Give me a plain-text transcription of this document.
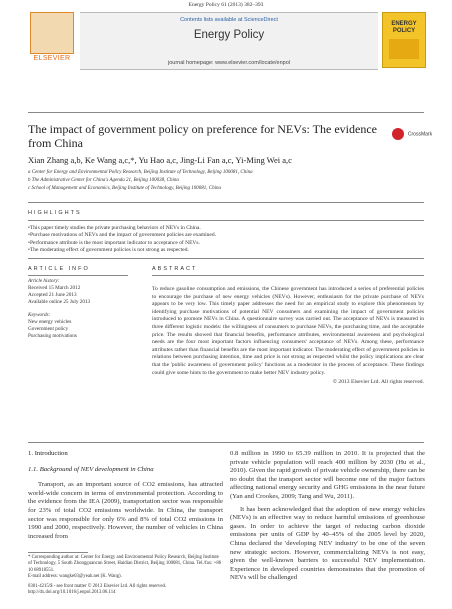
Energy Policy 61 (2013) 382–393
ELSEVIER
Contents lists available at ScienceDirect
Energy Policy
journal homepage: www.elsevier.com/locate/enpol
ENERGY POLICY
The impact of government policy on preference for NEVs: The evidence from China
CrossMark
Xian Zhang a,b, Ke Wang a,c,*, Yu Hao a,c, Jing-Li Fan a,c, Yi-Ming Wei a,c
a Center for Energy and Environmental Policy Research, Beijing Institute of Technology, Beijing 100081, China
b The Administrative Center for China's Agenda 21, Beijing 100038, China
c School of Management and Economics, Beijing Institute of Technology, Beijing 100081, China
HIGHLIGHTS
• This paper timely studies the private purchasing behaviors of NEVs in China.
• Purchase motivations of NEVs and the impact of government policies are examined.
• Performance attribute is the most important indicator to acceptance of NEVs.
• The moderating effect of government policies is not strong as respected.
ARTICLE INFO	ABSTRACT
Article history:
Received 15 March 2012
Accepted 21 June 2013
Available online 25 July 2013
Keywords:
New energy vehicles
Government policy
Purchasing motivations
To reduce gasoline consumption and emissions, the Chinese government has introduced a series of preferential policies to encourage the purchase of new energy vehicles (NEVs). However, enthusiasm for the private purchase of NEVs appears to be very low. This timely paper addresses the need for an empirical study to explore this phenomenon by identifying purchase motivations of potential NEV consumers and examining the impact of government policies introduced to promote NEVs in China. A questionnaire survey was carried out. The acceptance of NEVs is measured in three different logistic models: the willingness of consumers to purchase NEVs, the purchasing time, and the acceptable price. The results showed that financial benefits, performance attributes, environmental awareness and psychological needs are the four most important factors influencing consumers' acceptance of NEVs. Among these, performance attributes rather than financial benefits are the most important indicator. The moderating effect of government policies in relations between purchasing intention, time and price is not strong as respected whilst the policy implications are clear that the 'public awareness of government policy' functions as a moderator in the process of acceptance. These findings could give some hints to the government to make better NEV industry policy.
© 2013 Elsevier Ltd. All rights reserved.
1. Introduction
1.1. Background of NEV development in China

Transport, as an important source of CO2 emissions, has attracted world-wide concern in terms of environmental protection. According to the evidence from the IEA (2009), transportation sector was responsible for 23% of total CO2 emissions worldwide. In China, the transport sector was responsible for only 6% and 8% of total CO2 emissions in 1990 and 2000, respectively. However, the number of vehicles in China increased from

0.8 million in 1990 to 65.39 million in 2010. It is projected that the private vehicle population will reach 400 million by 2030 (Hu et al., 2010). Given the rapid growth of private vehicle ownership, there can be no doubt that the transport sector will become one of the major factors affecting national energy security and GHG emissions in the near future (Yan and Crookes, 2009; Tang and Wu, 2011).

It has been acknowledged that the adoption of new energy vehicles (NEVs) is an effective way to reduce harmful emissions of greenhouse gases. In order to achieve the target of reducing carbon dioxide emissions per units of GDP by 40–45% of the 2005 level by 2020, China declared the 'developing NEV industry' to be one of the seven new strategic sectors. However, commercializing NEVs is not easy, given the well-known barriers to successful NEV implementation. Experience in developed countries demonstrates that the promotion of NEVs will be challenged

* Corresponding author at: Center for Energy and Environmental Policy Research, Beijing Institute of Technology, 5 South Zhongguancun Street, Haidian District, Beijing 100081, China. Tel./fax: +86 10 68918551.
E-mail address: wangke03@yeah.net (K. Wang).
0301-4215/$ - see front matter © 2013 Elsevier Ltd. All rights reserved.
http://dx.doi.org/10.1016/j.enpol.2013.06.114
